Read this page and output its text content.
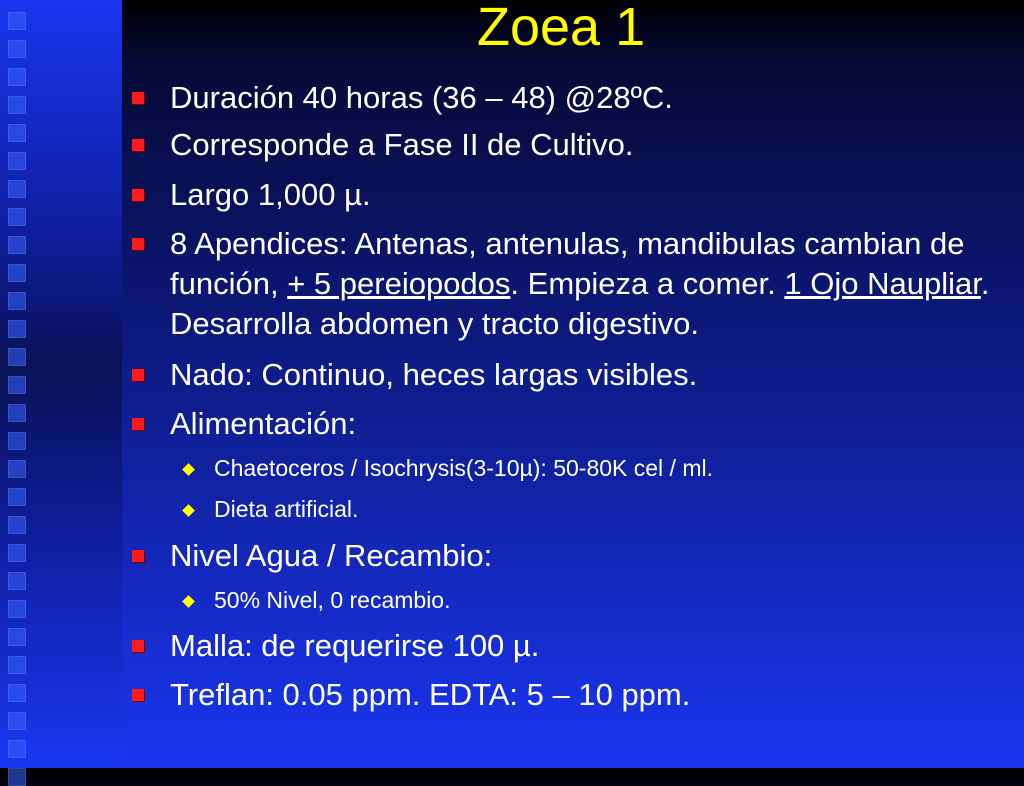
Zoea 1
Duración 40 horas (36 – 48) @28ºC.
Corresponde a Fase II de Cultivo.
Largo 1,000 µ.
8 Apendices: Antenas, antenulas, mandibulas cambian de función, + 5 pereiopodos. Empieza a comer. 1 Ojo Naupliar. Desarrolla abdomen y tracto digestivo.
Nado: Continuo, heces largas visibles.
Alimentación:
Chaetoceros / Isochrysis(3-10µ): 50-80K cel / ml.
Dieta artificial.
Nivel Agua / Recambio:
50% Nivel, 0 recambio.
Malla: de requerirse 100 µ.
Treflan: 0.05 ppm. EDTA: 5 – 10 ppm.
